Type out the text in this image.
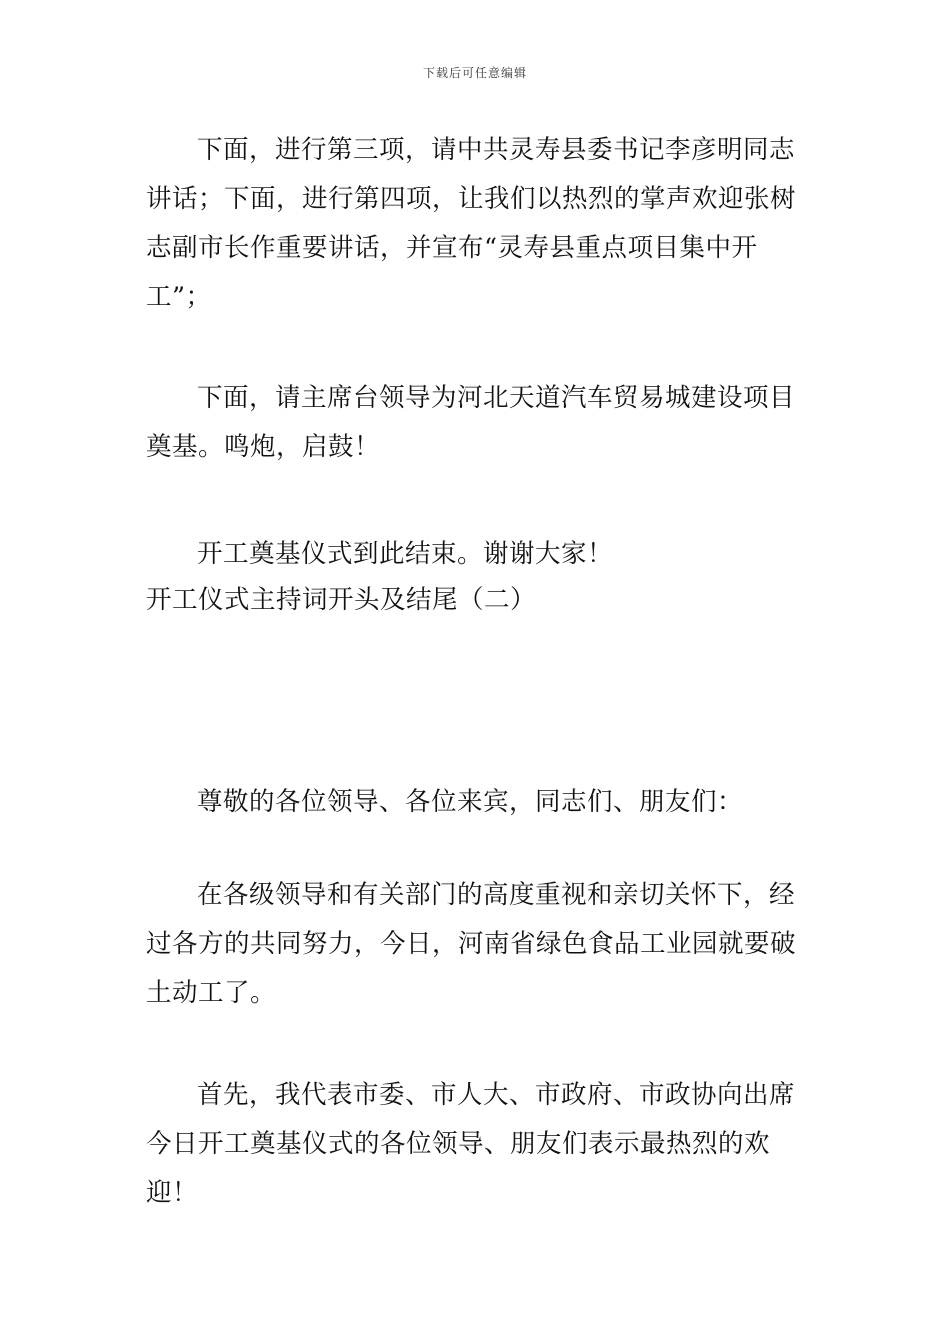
下载后可任意编辑

下面，进行第三项，请中共灵寿县委书记李彦明同志讲话；下面，进行第四项，让我们以热烈的掌声欢迎张树志副市长作重要讲话，并宣布“灵寿县重点项目集中开工”；

下面，请主席台领导为河北天道汽车贸易城建设项目奠基。鸣炮，启鼓！

开工奠基仪式到此结束。谢谢大家！

开工仪式主持词开头及结尾（二）

尊敬的各位领导、各位来宾，同志们、朋友们：

在各级领导和有关部门的高度重视和亲切关怀下，经过各方的共同努力，今日，河南省绿色食品工业园就要破土动工了。

首先，我代表市委、市人大、市政府、市政协向出席今日开工奠基仪式的各位领导、朋友们表示最热烈的欢迎！
